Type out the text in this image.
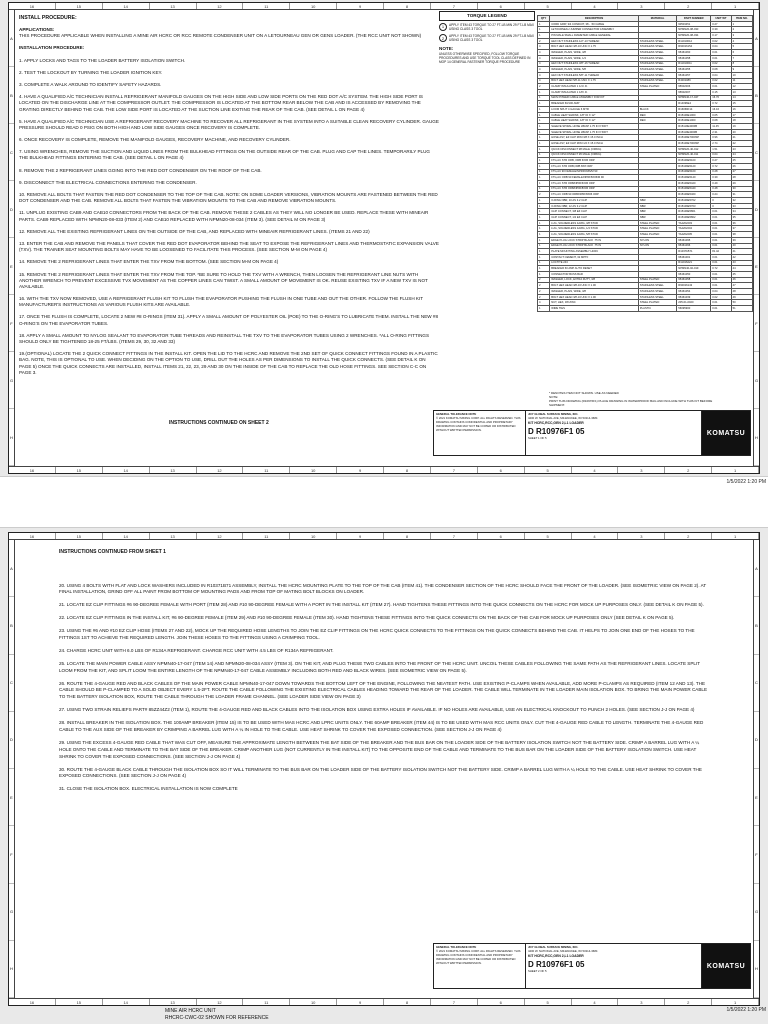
16	15	14	13	12	11	10	9	8	7	6	5	4	3	2	1
16	15	14	13	12	11	10	9	8	7	6	5	4	3	2	1
A
B
C
D
E
F
G
H
A
B
C
D
E
F
G
H
INSTALL PROCEDURE:

APPLICATIONS:
THIS PROCEDURE APPLICABLE WHEN INSTALLING A MINE AIR HCRC OR RCC REMOTE CONDENSER UNIT ON A LETOURNEAU GEN OR GENS LOADER. (THE RCC UNIT NOT SHOWN)

INSTALLATION PROCEDURE:

1. APPLY LOCKS AND TAGS TO THE LOADER BATTERY ISOLATION SWITCH.

2. TEST THE LOCKOUT BY TURNING THE LOADER IGNITION KEY.

3. COMPLETE A WALK AROUND TO IDENTIFY SAFETY HAZARDS.

4. HAVE A QUALIFIED A/C TECHNICIAN INSTALL REFRIGERANT MANIFOLD GAUGES ON THE HIGH SIDE AND LOW SIDE PORTS ON THE RED DOT A/C SYSTEM. THE HIGH SIDE PORT IS LOCATED ON THE DISCHARGE LINE AT THE COMPRESSOR OUTLET. THE COMPRESSOR IS LOCATED AT THE BOTTOM REAR BELOW THE CAB AND IS ACCESSED BY REMOVING THE GRATING DIRECTLY BEHIND THE CAB. THE LOW SIDE PORT IS LOCATED AT THE SUCTION LINE EXITING THE REAR OF THE CAB. (SEE DETAIL L ON PAGE 4)

5. HAVE A QUALIFIED A/C TECHNICIAN USE A REFRIGERANT RECOVERY MACHINE TO RECOVER ALL REFRIGERANT IN THE SYSTEM INTO A SUITABLE CLEAN RECOVERY CYLINDER. GAUGE PRESSURE SHOULD READ 0 PSIG ON BOTH HIGH AND LOW SIDE GAUGES ONCE RECOVERY IS COMPLETE.

6. ONCE RECOVERY IS COMPLETE, REMOVE THE MANIFOLD GAUGES, RECOVERY MACHINE, AND RECOVERY CYLINDER.

7. USING WRENCHES, REMOVE THE SUCTION AND LIQUID LINES FROM THE BULKHEAD FITTINGS ON THE OUTSIDE REAR OF THE CAB. PLUG AND CAP THE LINES. TEMPORARILY PLUG THE BULKHEAD FITTINGS ENTERING THE CAB. (SEE DETAIL L ON PAGE 4)

8. REMOVE THE 2 REFRIGERANT LINES GOING INTO THE RED DOT CONDENSER ON THE ROOF OF THE CAB.

9. DISCONNECT THE ELECTRICAL CONNECTIONS ENTERING THE CONDENSER.

10. REMOVE ALL BOLTS THAT FASTEN THE RED DOT CONDENSER TO THE TOP OF THE CAB. NOTE: ON SOME LOADER VERSIONS, VIBRATION MOUNTS ARE FASTENED BETWEEN THE RED DOT CONDENSER AND THE CAB. REMOVE ALL BOLTS THAT FASTEN THE VIBRATION MOUNTS TO THE CAB AND REMOVE VIBRATION MOUNTS.

11. UNPLUG EXISTING CAB9 AND CAB10 CONNECTORS FROM THE BACK OF THE CAB. REMOVE THESE 2 CABLES AS THEY WILL NO LONGER BE USED. REPLACE THESE WITH MINEAIR PARTS. CAB9 REPLACED WITH NPMN20-08-033 (ITEM 2) AND CAB10 REPLACED WITH NPMN20-08-034 (ITEM 3). (SEE DETAIL M ON PAGE 3)

12. REMOVE ALL THE EXISTING REFRIGERANT LINES ON THE OUTSIDE OF THE CAB, AND REPLACED WITH MINEAIR REFRIGERANT LINES. (ITEMS 21 AND 22)

13. ENTER THE CAB AND REMOVE THE PANELS THAT COVER THE RED DOT EVAPORATOR BEHIND THE SEAT TO EXPOSE THE REFRIGERANT LINES AND THERMOSTATIC EXPANSION VALVE (TXV). THE TRAINER SEAT MOUNTING BOLTS MAY HAVE TO BE LOOSENED TO FACILITATE THIS PROCESS. (SEE SECTION M-M ON PAGE 4)

14. REMOVE THE 2 REFRIGERANT LINES THAT ENTER THE TXV FROM THE BOTTOM. (SEE SECTION M-M ON PAGE 4)

15. REMOVE THE 2 REFRIGERANT LINES THAT ENTER THE TXV FROM THE TOP. *BE SURE TO HOLD THE TXV WITH A WRENCH, THEN LOOSEN THE REFRIGERANT LINE NUTS WITH ANOTHER WRENCH TO PREVENT EXCESSIVE TVX MOVEMENT AS THE COPPER LINES CAN TWIST. A SMALL AMOUNT OF MOVEMENT IS OK. REUSE EXISTING TXV IF A NEW TXV IS NOT AVAILABLE.

16. WITH THE TXV NOW REMOVED, USE A REFRIGERANT FLUSH KIT TO FLUSH THE EVAPORATOR PUSHING THE FLUSH IN ONE TUBE AND OUT THE OTHER. FOLLOW THE FLUSH KIT MANUFACTURER'S INSTRUCTIONS AS VARIOUS FLUSH KITS ARE AVAILABLE.

17. ONCE THE FLUSH IS COMPLETE, LOCATE 2 NEW #8 O-RINGS (ITEM 31). APPLY A SMALL AMOUNT OF POLYESTER OIL (POE) TO THE O-RING'S TO LUBRICATE THEM. INSTALL THE NEW #8 O-RING'S ON THE EVAPORATOR TUBES.

18. APPLY A SMALL AMOUNT TO NYLOG SEALANT TO EVAPORATOR TUBE THREADS AND REINSTALL THE TXV TO THE EVAPORATOR TUBES USING 2 WRENCHES. *ALL O-RING FITTINGS SHOULD ONLY BE TIGHTENED 18-25 FT/LBS. (ITEMS 29, 30, 32 AND 33)

19.(OPTIONAL) LOCATE THE 2 QUICK CONNECT FITTINGS IN THE INSTALL KIT. OPEN THE LID TO THE HCRC AND REMOVE THE 2ND SET OF QUICK CONNECT FITTINGS FOUND IN A PLASTIC BAG. NOTE, THIS IS OPTIONAL TO USE. WHEN DECIDING ON THE OPTION TO USE, DRILL OUT THE HOLES AS PER DIMENSIONS TO INSTALL THE QUICK CONNECTS. (SEE DETAIL K ON PAGE 5) ONCE THE QUICK CONNECTS ARE INSTALLED, INSTALL ITEMS 21, 22, 23, 29 AND 30 ON THE INSIDE OF THE CAB TO REPLACE THE OLD HOSE FITTINGS. SEE SECTION C-C ON PAGE 3.

INSTRUCTIONS CONTINUED ON SHEET 2
TORQUE LEGEND
1	APPLY ITEM 43 TORQUE TO 27 FT-LB MIN 29 FT-LB MAX USING CLASS 3 TOOL
2	APPLY ITEM 43 TORQUE TO 27 FT-LB MIN 29 FT-LB MAX USING CLASS 3 TOOL
NOTE:
UNLESS OTHERWISE SPECIFIED, FOLLOW TORQUE PROCEDURES AND USE TORQUE TOOL CLASS DEFINED IN MOP 14 GENERAL FASTENER TORQUE PROCEDURE
QTY	DESCRIPTION	MATERIAL	PART NUMBER	UNIT WT	ITEM NO.
1	CORD GRIP, 3/4 CONDUIT, 38 - .50 CABLE		90503451	0.27	1
1	LETOURNEAU JUMPER CONNECTOR ASSEMBLY		NPMN20-08-033	0.39	2
1	PIN MALE SMALL DIAMETER CABLE GENERAL		NPMN20-08-034	0.17	3
2	HEX NUT STAINLESS 1/2"-13 THREAD	STAINLESS STEEL	R11010012	0.02	4
4	BOLT HEX HEAD 3/8-16 UNC X 1.75	STAINLESS STEEL	R90016154	0.04	5
4	WASHER, PLAIN, WIDE, 3/8	STAINLESS STEEL	95461060	0.01	6
4	WASHER, PLAIN, WIDE, 1/4	STAINLESS STEEL	95461058	0.01	7
4	HEX NUT STAINLESS 3/8"-16 THREAD	STAINLESS STEEL	R11010011	0.02	8
4	WASHER, PLAIN, WIDE, 5/8	STAINLESS STEEL	95461055	0.08	9
4	HEX NUT STAINLESS 5/8"-11 THREAD	STAINLESS STEEL	95461057	0.04	10
4	BOLT HEX HEAD 5/8-11 UNC X 1.75	STAINLESS STEEL	R4001089	0.02	11
2	CLAMP INSULATED 1 1/4 I.D.	STEEL PLATED	95602006	0.01	12
1	CLAMP INSULATED 1 1/8 I.D.		95602007	0.15	13
1	MAIN POWER CABLE ASSEMBLY FOR KIT		NPMN40-17-047	16.70	14
1	BREAKER 60/100 AMP		R14096E4	0.72	15
1	LOOM SPLIT 4 GAUGE 6 MTR	BLACK	R16069F14	16.16	16
1	CABLE HEAT SHRINK, 1/8" ID X 12"	RED	R15109E1000	0.05	17
1	CABLE HEAT SHRINK, 1/8" ID X 12"	RED	R15109E1000	0.08	18
1	SLEEVE SPIRAL HOSE WRAP 1.75 IN X 50FT		R15119E4000B	11.45	19
1	SLEEVE SPIRAL HOSE WRAP 1.75 IN X 50FT		R15119E4000B	2.31	20
1	HOSE ASY, EZ CLIP MINI 3/8 X 15.0 INCH		R15109E7000SP	0.96	21
1	HOSE ASY, EZ CLIP MINI 1/2 X 15.0 INCH		R15109E7000SP	2.74	22
1	QUICK DISCONNECT #8 MALE (ORING)		NPMN20-40-012	1.51	23
1	QUICK DISCONNECT #6 MALE (ORING)		NPMN20-40-011	0.04	24
1	FTG,AC STR ORB, ORB 6X#6 ORP		R15109E5100	0.27	25
1	FTG,AC STR ORB,ORB 8X8 ORP		R15109E5120	0.72	26
1	FTG,AC 90 FEMALE/NPRF6X#6/M 90		R15109E5100	0.28	27
1	FTG,AC ORB 90 FEMALE/NPRF8X#6/M 90		R15109E5140	0.39	28
1	FTG,AC STR ORB/NPRF6X#6 ORP		R15109E5420	0.49	29
1	FTG,AC STR ORB/NPRF8X#6 ORP		R15109E5440	0.48	30
2	FTG,AC ORB 90 ORB/NPRF8X#6 ORP		R15109E5460	0.24	31
1	O-RING NBR, 10 AS 3.2 CLIP	NBR	R15109E5702	0	32
1	O-RING NBR, 12 AS 3.2 CLIP	NBR	R15109E5703	0	33
1	CLIP CONNECT, 3/8 EZ CLIP	NBR	R15109E5801	0.01	34
1	CLIP CONNECT, 1/2 EZ CLIP	NBR	R15109E5802	0.01	35
1	LUG, SOLDERLESS 4AWG, 3/8 STUD	STEEL PLATED	TA4202203	0.01	36
1	LUG, SOLDERLESS 4AWG, 1/4 STUD	STEEL PLATED	TA4202204	0.01	37
1	LUG, SOLDERLESS 4AWG, 5/8 STUD	STEEL PLATED	TA4202205	0.01	38
1	EDGE PLUG LOCK STRIP BLACK .75 IN	NYLON	95461095	0.01	39
1	EDGE PLUG LOCK STRIP BLACK .75 IN	NYLON	95461096	0.01	40
1	PLATE MOUNTING ASSEMBLY HCRC		R10371B71	81.42	41
1	CONTACT CEMENT, 32 MPTF		95461001	0.01	42
1	LOCTITE 243		R11016221	0.01	43
1	BREAKER 60 AMP AUTO RESET		NPMN40-02-019	0.72	44
1	CONNECTOR BUSS BAR		95461050	0.01	45
2	WASHER, LOCK, EXTRA DUTY, 3/8	STEEL PLATED	95461058	0.01	46
2	BOLT HEX HEAD 3/8-16 UNC X 1.00	STAINLESS STEEL	R90016143	0.01	47
2	WASHER, PLAIN, WIDE, 3/8	STAINLESS STEEL	95461054	0.04	48
2	BOLT HEX HEAD 3/8-16 UNC X 1.00	STAINLESS STEEL	95461039	0.02	49
4	NUT, HEX, 3/8 ZINC	STEEL PLATED	205-01-0020	0.01	50
1	WIRE TIES	PLASTIC	56095900	0.01	51
* DENOTES ITEM NOT SHOWN. USE AS NEEDED
NOTE:
PRINT THIS DRAWING (R10976F1) PLACE DRAWING IN WATERPROOF BAG AND INCLUDE WITH THIS KIT BEFORE SHIPMENT.
GENERAL TOLERANCE NOTE
© 2021 KOMATSU MINING CORP. ALL RIGHTS RESERVED. THIS DRAWING CONTAINS CONFIDENTIAL AND PROPRIETARY INFORMATION AND MAY NOT BE COPIED OR DISTRIBUTED WITHOUT WRITTEN PERMISSION.
JOY GLOBAL SURFACE MINING, INC.
4400 W. NATIONAL AVE, MILWAUKEE, WI 53214-3684
KIT HCRC,RCC,GEN 2,L1 LOADER
D R10976F1 05
SHEET 1 OF 5
KOMATSU
1/5/2022 1:20 PM
16	15	14	13	12	11	10	9	8	7	6	5	4	3	2	1
16	15	14	13	12	11	10	9	8	7	6	5	4	3	2	1
A
B
C
D
E
F
G
H
A
B
C
D
E
F
G
H
INSTRUCTIONS CONTINUED FROM SHEET 1

20. USING 4 BOLTS WITH FLAT AND LOCK WASHERS INCLUDED IN R10371B71 ASSEMBLY, INSTALL THE HCRC MOUNTING PLATE TO THE TOP OF THE CAB (ITEM 41). THE CONDENSER SECTION OF THE HCRC SHOULD FACE THE FRONT OF THE LOADER. (SEE ISOMETRIC VIEW ON PAGE 2). AT FINAL INSTALLATION, GRIND OFF ALL PAINT FROM BOTTOM OF MOUNTING PADS AND FROM TOP OF MATING BOLT BLOCKS ON LOADER.

21. LOCATE EZ CLIP FITTINGS #6 90-DEGREE FEMALE WITH PORT (ITEM 28) AND #10 90-DEGREE FEMALE WITH A PORT IN THE INSTALL KIT (ITEM 27). HAND TIGHTENS THESE FITTINGS INTO THE QUICK CONNECTS ON THE HCRC FOR MOCK UP PURPOSES ONLY. (SEE DETAIL K ON PAGE 5).

22. LOCATE EZ CLIP FITTINGS IN THE INSTALL KIT, #6 90-DEGREE FEMALE (ITEM 29) AND #10 90-DEGREE FEMALE (ITEM 30). HAND TIGHTENS THESE FITTINGS INTO THE QUICK CONNECTS ON THE BACK OF THE CAB FOR MOCK UP PURPOSES ONLY (SEE DETAIL K ON PAGE 5).

23. USING THE #6 AND #10 EZ CLIP HOSE (ITEMS 27 AND 22), MOCK UP THE REQUIRED HOSE LENGTHS TO JOIN THE EZ CLIP FITTINGS ON THE HCRC QUICK CONNECTS TO THE FITTINGS ON THE QUICK CONNECTS BEHIND THE CAB. IT HELPS TO JOIN ONE END OF THE HOSES TO THE FITTINGS 1ST TO ACHIEVE THE REQUIRED LENGTH. JOIN THESE HOSES TO THE FITTINGS USING A CRIMPING TOOL.

24. CHARGE HCRC UNIT WITH 6.0 LBS OF R134A REFRIGERANT. CHARGE RCC UNIT WITH 4.5 LBS OF R134A REFRIGERANT.

25. LOCATE THE MAIN POWER CABLE ASSY NPMN40-17-047 (ITEM 14) AND NPMN20-08-034 ASSY (ITEM 3). ON THE KIT, AND PLUG THESE TWO CABLES INTO THE FRONT OF THE HCRC UNIT. UNCOIL THESE CABLES FOLLOWING THE SAME PATH AS THE REFRIGERANT LINES. LOCATE SPLIT LOOM FROM THE KIT, AND SPLIT LOOM THE ENTIRE LENGTH OF THE NPMN40-17-047 CABLE ASSEMBLY INCLUDING BOTH RED AND BLACK WIRES. (SEE ISOMETRIC VIEW ON PAGE 5).

26. ROUTE THE 4-GAUGE RED AND BLACK CABLES OF THE MAIN POWER CABLE NPMN40-17-047 DOWN TOWARDS THE BOTTOM LEFT OF THE ENGINE, FOLLOWING THE NEATEST PATH. USE EXISTING P-CLAMPS WHEN AVAILABLE, ADD MORE P-CLAMPS AS REQUIRED (ITEM 12 AND 13). THE CABLE SHOULD BE P-CLAMPED TO A SOLID OBJECT EVERY 1.5-2FT. ROUTE THE CABLE FOLLOWING THE EXISTING ELECTRICAL CABLES HEADING TOWARD THE REAR OF THE LOADER. THE CABLE WILL TERMINATE IN THE LOADER MAIN ISOLATION BOX. TO BRING THE MAIN POWER CABLE TO THE BATTERY ISOLATION BOX, ROUTE THE CABLE THROUGH THE LOADER FRAME CHANNEL. (SEE LOADER SIDE VIEW ON PAGE 3)

27. USING TWO STRAIN RELIEFS PART# 85ZZ44Z2 (ITEM 1), ROUTE THE 4-GAUGE RED AND BLACK CABLES INTO THE ISOLATION BOX USING EXTRA HOLES IF AVAILABLE. IF NO HOLES ARE AVAILABLE, USE AN ELECTRICAL KNOCKOUT TO PUNCH 2 HOLES. (SEE SECTION J-J ON PAGE 4)

28. INSTALL BREAKER IN THE ISOLATION BOX. THE 100AMP BREAKER (ITEM 15) IS TO BE USED WITH MAS HCRC AND LPRC UNITS ONLY. THE 60AMP BREAKER (ITEM 44) IS TO BE USED WITH MAS RCC UNITS ONLY. CUT THE 4-GAUGE RED CABLE TO LENGTH. TERMINATE THE 4-GAUGE RED CABLE TO THE AUX SIDE OF THE BREAKER BY CRIMPING A BARREL LUG WITH A ¼ IN HOLE TO THE CABLE. USE HEAT SHRINK TO COVER THE EXPOSED CONNECTION. (SEE SECTION J-J ON PAGE 4)

29. USING THE EXCESS 4-GAUGE RED CABLE THAT WAS CUT OFF, MEASURE THE APPROXIMATE LENGTH BETWEEN THE BAT SIDE OF THE BREAKER AND THE BUS BAR ON THE LOADER SIDE OF THE BATTERY ISOLATION SWITCH NOT THE BATTERY SIDE. CRIMP A BARREL LUG WITH A ¼ HOLE ONTO THE CABLE AND TERMINATE TO THE BAT SIDE OF THE BREAKER. CRIMP ANOTHER LUG (NOT CURRENTLY IN THE INSTALL KIT) TO THE OPPOSITE END OF THE CABLE AND TERMINATE TO THE BUS BAR ON THE LOADER SIDE OF THE BATTERY ISOLATION SWITCH. USE HEAT SHRINK TO COVER THE EXPOSED CONNECTIONS. (SEE SECTION J-J ON PAGE 4)

30. ROUTE THE 4-GAUGE BLACK CABLE THROUGH THE ISOLATION BOX SO IT WILL TERMINATE TO THE BUS BAR ON THE LOADER SIDE OF THE BATTERY ISOLATION SWITCH NOT THE BATTERY SIDE. CRIMP A BARREL LUG WITH A ¼ HOLE TO THE CABLE. USE HEAT SHRINK TO COVER THE EXPOSED CONNECTIONS. (SEE SECTION J-J ON PAGE 4)

31. CLOSE THE ISOLATION BOX. ELECTRICAL INSTALLATION IS NOW COMPLETE

GENERAL TOLERANCE NOTE
© 2021 KOMATSU MINING CORP. ALL RIGHTS RESERVED. THIS DRAWING CONTAINS CONFIDENTIAL AND PROPRIETARY INFORMATION AND MAY NOT BE COPIED OR DISTRIBUTED WITHOUT WRITTEN PERMISSION.
JOY GLOBAL SURFACE MINING, INC.
4400 W. NATIONAL AVE, MILWAUKEE, WI 53214-3684
KIT HCRC,RCC,GEN 2,L1 LOADER
D R10976F1 05
SHEET 2 OF 5
KOMATSU
1/5/2022 1:20 PM
MINE AIR HCRC UNIT
RHCRC-CWC-02 SHOWN FOR REFERENCE
